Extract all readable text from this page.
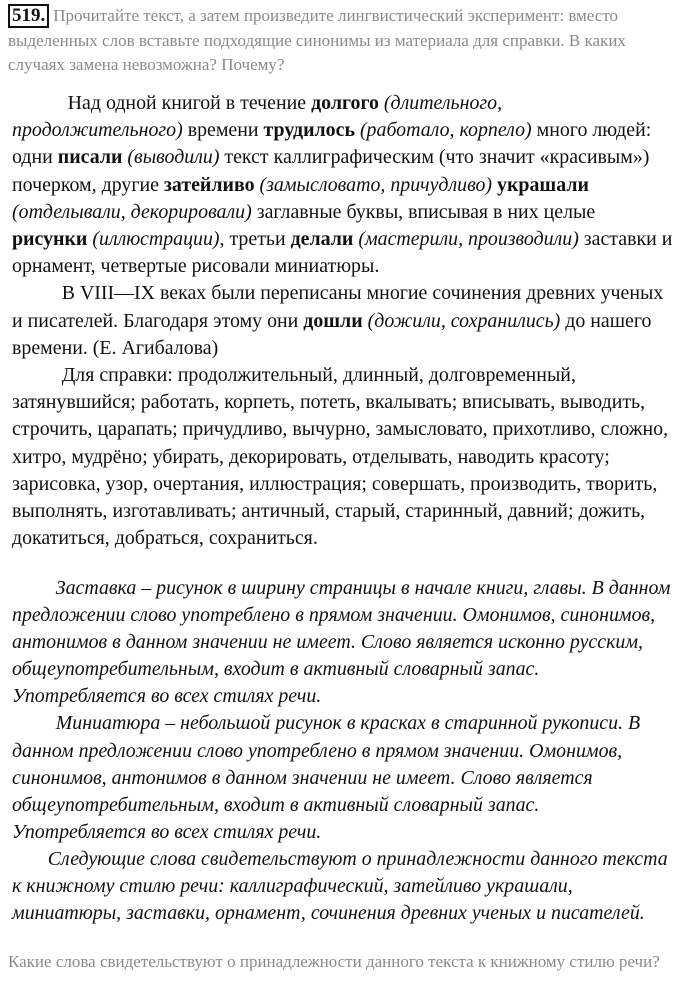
519. Прочитайте текст, а затем произведите лингвистический эксперимент: вместо
выделенных слов вставьте подходящие синонимы из материала для справки. В каких
случаях замена невозможна? Почему?
Над одной книгой в течение долгого (длительного,
продолжительного) времени трудилось (работало, корпело) много людей:
одни писали (выводили) текст каллиграфическим (что значит «красивым»)
почерком, другие затейливо (замысловато, причудливо) украшали
(отделывали, декорировали) заглавные буквы, вписывая в них целые
рисунки (иллюстрации), третьи делали (мастерили, производили) заставки и
орнамент, четвертые рисовали миниатюры.
В VIII—IX веках были переписаны многие сочинения древних ученых
и писателей. Благодаря этому они дошли (дожили, сохранились) до нашего
времени. (Е. Агибалова)
Для справки: продолжительный, длинный, долговременный,
затянувшийся; работать, корпеть, потеть, вкалывать; вписывать, выводить,
строчить, царапать; причудливо, вычурно, замысловато, прихотливо, сложно,
хитро, мудрёно; убирать, декорировать, отделывать, наводить красоту;
зарисовка, узор, очертания, иллюстрация; совершать, производить, творить,
выполнять, изготавливать; античный, старый, старинный, давний; дожить,
докатиться, добраться, сохраниться.
Заставка – рисунок в ширину страницы в начале книги, главы. В данном
предложении слово употреблено в прямом значении. Омонимов, синонимов,
антонимов в данном значении не имеет. Слово является исконно русским,
общеупотребительным, входит в активный словарный запас.
Употребляется во всех стилях речи.
Миниатюра – небольшой рисунок в красках в старинной рукописи. В
данном предложении слово употреблено в прямом значении. Омонимов,
синонимов, антонимов в данном значении не имеет. Слово является
общеупотребительным, входит в активный словарный запас.
Употребляется во всех стилях речи.
Следующие слова свидетельствуют о принадлежности данного текста
к книжному стилю речи: каллиграфический, затейливо украшали,
миниатюры, заставки, орнамент, сочинения древних ученых и писателей.
Какие слова свидетельствуют о принадлежности данного текста к книжному стилю речи?
